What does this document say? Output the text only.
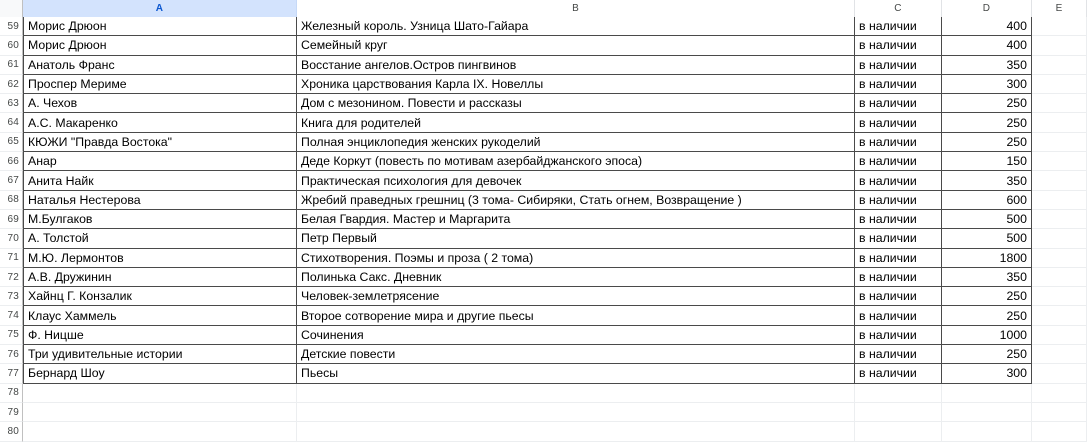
A	B	C	D	E
59 Морис Дрюон	Железный король. Узница Шато-Гайара	в наличии	400
60 Морис Дрюон	Семейный круг	в наличии	400
61 Анатоль Франс	Восстание ангелов.Остров пингвинов	в наличии	350
62 Проспер Мериме	Хроника царствования Карла IX. Новеллы	в наличии	300
63 А. Чехов	Дом с мезонином. Повести и рассказы	в наличии	250
64 А.С. Макаренко	Книга для родителей	в наличии	250
65 КЮЖИ "Правда Востока"	Полная энциклопедия женских рукоделий	в наличии	250
66 Анар	Деде Коркут (повесть по мотивам азербайджанского эпоса)	в наличии	150
67 Анита Найк	Практическая психология для девочек	в наличии	350
68 Наталья Нестерова	Жребий праведных грешниц (3 тома- Сибиряки, Стать огнем, Возвращение )	в наличии	600
69 М.Булгаков	Белая Гвардия. Мастер и Маргарита	в наличии	500
70 А. Толстой	Петр Первый	в наличии	500
71 М.Ю. Лермонтов	Стихотворения. Поэмы и проза ( 2 тома)	в наличии	1800
72 А.В. Дружинин	Полинька Сакс. Дневник	в наличии	350
73 Хайнц Г. Конзалик	Человек-землетрясение	в наличии	250
74 Клаус Хаммель	Второе сотворение мира и другие пьесы	в наличии	250
75 Ф. Ницше	Сочинения	в наличии	1000
76 Три удивительные истории	Детские повести	в наличии	250
77 Бернард Шоу	Пьесы	в наличии	300
78
79
80
